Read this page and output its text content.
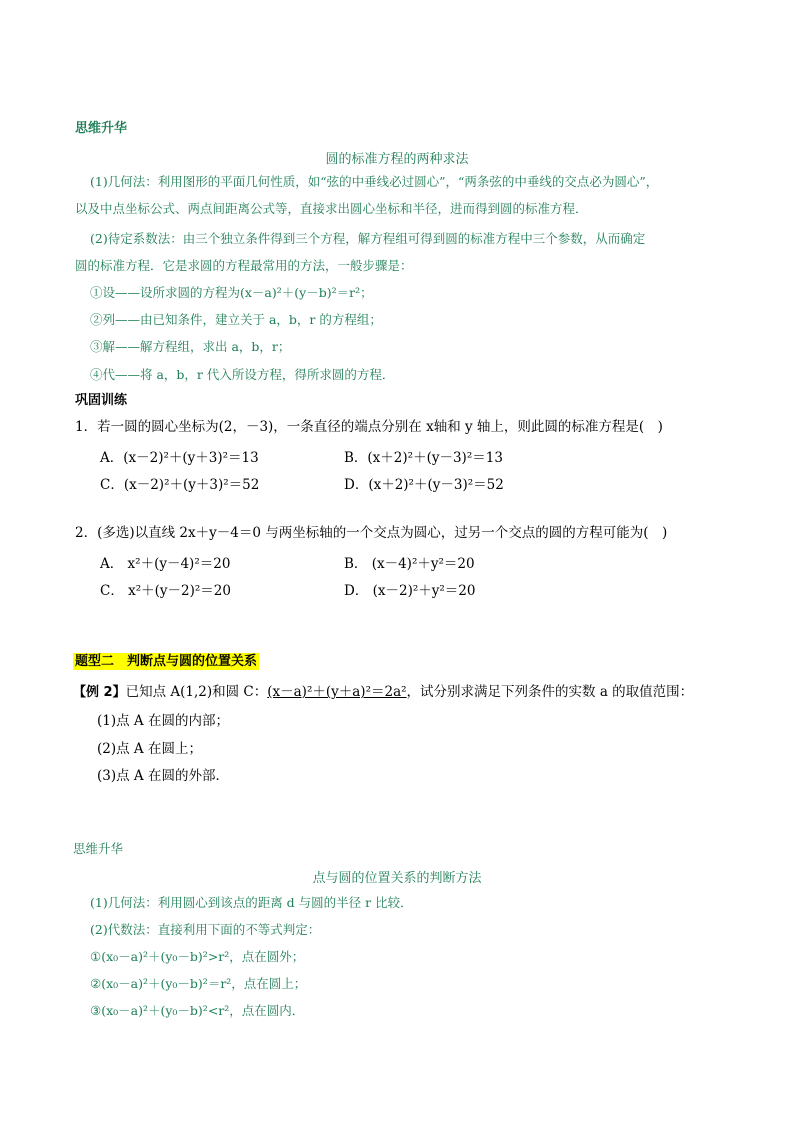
思维升华
圆的标准方程的两种求法
(1)几何法：利用图形的平面几何性质，如“弦的中垂线必过圆心”，“两条弦的中垂线的交点必为圆心”，
以及中点坐标公式、两点间距离公式等，直接求出圆心坐标和半径，进而得到圆的标准方程．
(2)待定系数法：由三个独立条件得到三个方程，解方程组可得到圆的标准方程中三个参数，从而确定
圆的标准方程．它是求圆的方程最常用的方法，一般步骤是：
①设——设所求圆的方程为(x－a)²＋(y－b)²＝r²；
②列——由已知条件，建立关于 a，b，r 的方程组；
③解——解方程组，求出 a，b，r；
④代——将 a，b，r 代入所设方程，得所求圆的方程．
巩固训练
1．若一圆的圆心坐标为(2，－3)，一条直径的端点分别在 x轴和 y 轴上，则此圆的标准方程是(　)
A．(x－2)²＋(y＋3)²＝13	B．(x＋2)²＋(y－3)²＝13
C．(x－2)²＋(y＋3)²＝52	D．(x＋2)²＋(y－3)²＝52
2．(多选)以直线 2x＋y－4＝0 与两坐标轴的一个交点为圆心，过另一个交点的圆的方程可能为(　)
A． x²＋(y－4)²＝20	B． (x－4)²＋y²＝20
C． x²＋(y－2)²＝20	D． (x－2)²＋y²＝20
题型二　判断点与圆的位置关系
【例 2】已知点 A(1,2)和圆 C：(x－a)²＋(y＋a)²＝2a²，试分别求满足下列条件的实数 a 的取值范围：
(1)点 A 在圆的内部；
(2)点 A 在圆上；
(3)点 A 在圆的外部．
思维升华
点与圆的位置关系的判断方法
(1)几何法：利用圆心到该点的距离 d 与圆的半径 r 比较．
(2)代数法：直接利用下面的不等式判定：
①(x₀－a)²＋(y₀－b)²>r²，点在圆外；
②(x₀－a)²＋(y₀－b)²＝r²，点在圆上；
③(x₀－a)²＋(y₀－b)²<r²，点在圆内．
